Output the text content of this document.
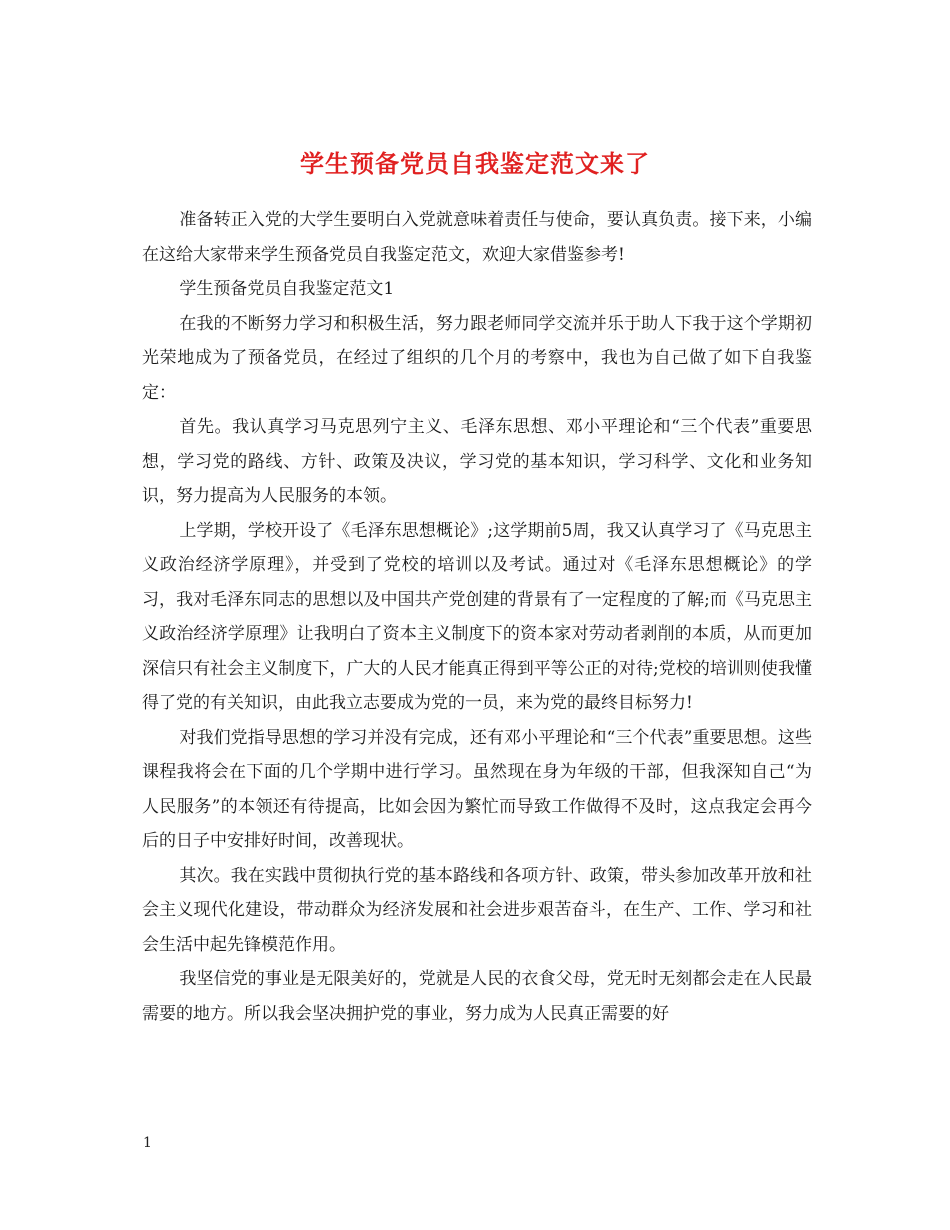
学生预备党员自我鉴定范文来了

准备转正入党的大学生要明白入党就意味着责任与使命，要认真负责。接下来，小编在这给大家带来学生预备党员自我鉴定范文，欢迎大家借鉴参考!

学生预备党员自我鉴定范文1

在我的不断努力学习和积极生活，努力跟老师同学交流并乐于助人下我于这个学期初光荣地成为了预备党员，在经过了组织的几个月的考察中，我也为自己做了如下自我鉴定：

首先。我认真学习马克思列宁主义、毛泽东思想、邓小平理论和“三个代表”重要思想，学习党的路线、方针、政策及决议，学习党的基本知识，学习科学、文化和业务知识，努力提高为人民服务的本领。

上学期，学校开设了《毛泽东思想概论》;这学期前5周，我又认真学习了《马克思主义政治经济学原理》，并受到了党校的培训以及考试。通过对《毛泽东思想概论》的学习，我对毛泽东同志的思想以及中国共产党创建的背景有了一定程度的了解;而《马克思主义政治经济学原理》让我明白了资本主义制度下的资本家对劳动者剥削的本质，从而更加深信只有社会主义制度下，广大的人民才能真正得到平等公正的对待;党校的培训则使我懂得了党的有关知识，由此我立志要成为党的一员，来为党的最终目标努力!

对我们党指导思想的学习并没有完成，还有邓小平理论和“三个代表”重要思想。这些课程我将会在下面的几个学期中进行学习。虽然现在身为年级的干部，但我深知自己“为人民服务”的本领还有待提高，比如会因为繁忙而导致工作做得不及时，这点我定会再今后的日子中安排好时间，改善现状。

其次。我在实践中贯彻执行党的基本路线和各项方针、政策，带头参加改革开放和社会主义现代化建设，带动群众为经济发展和社会进步艰苦奋斗，在生产、工作、学习和社会生活中起先锋模范作用。

我坚信党的事业是无限美好的，党就是人民的衣食父母，党无时无刻都会走在人民最需要的地方。所以我会坚决拥护党的事业，努力成为人民真正需要的好

1
